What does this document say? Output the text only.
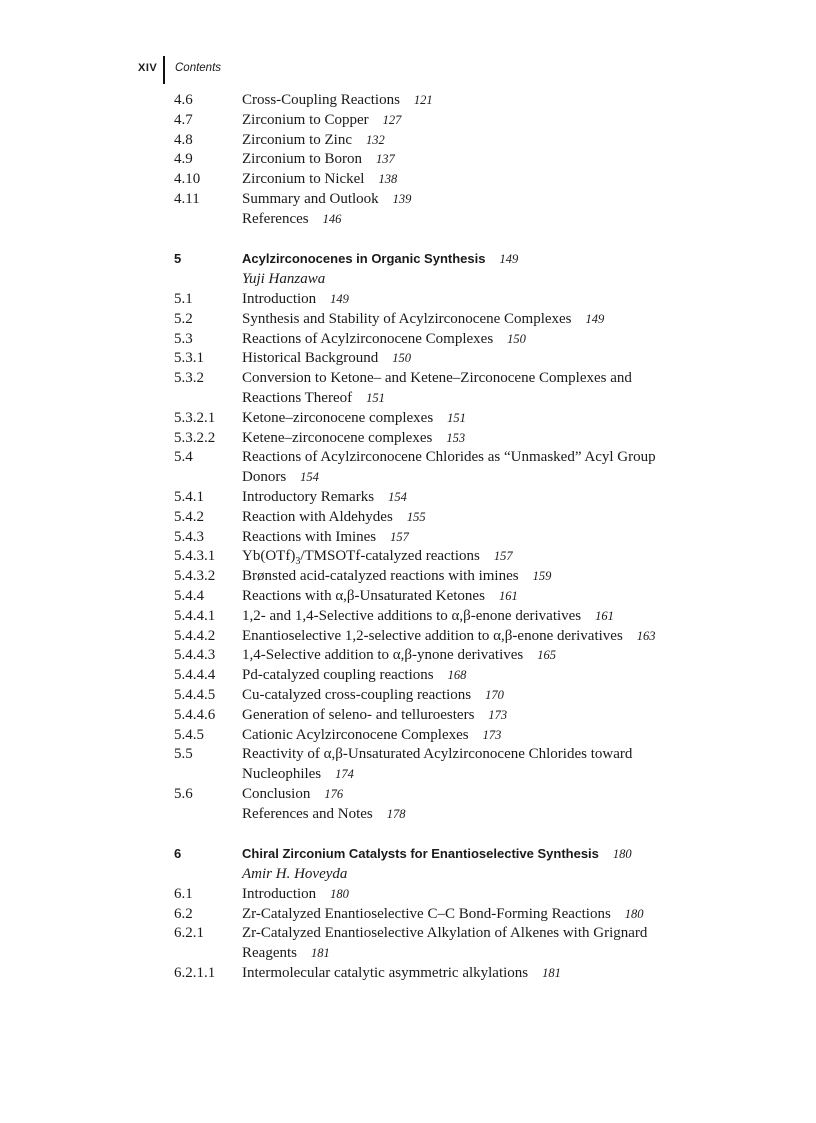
XIV Contents
4.6	Cross-Coupling Reactions 121
4.7	Zirconium to Copper 127
4.8	Zirconium to Zinc 132
4.9	Zirconium to Boron 137
4.10	Zirconium to Nickel 138
4.11	Summary and Outlook 139
References 146
5	Acylzirconocenes in Organic Synthesis 149
Yuji Hanzawa
5.1	Introduction 149
5.2	Synthesis and Stability of Acylzirconocene Complexes 149
5.3	Reactions of Acylzirconocene Complexes 150
5.3.1	Historical Background 150
5.3.2	Conversion to Ketone– and Ketene–Zirconocene Complexes and
Reactions Thereof 151
5.3.2.1	Ketone–zirconocene complexes 151
5.3.2.2	Ketene–zirconocene complexes 153
5.4	Reactions of Acylzirconocene Chlorides as “Unmasked” Acyl Group
Donors 154
5.4.1	Introductory Remarks 154
5.4.2	Reaction with Aldehydes 155
5.4.3	Reactions with Imines 157
5.4.3.1	$Yb(OTf)_3/TMSOTf$-catalyzed reactions 157
5.4.3.2	Brønsted acid-catalyzed reactions with imines 159
5.4.4	Reactions with α,β-Unsaturated Ketones 161
5.4.4.1	1,2- and 1,4-Selective additions to α,β-enone derivatives 161
5.4.4.2	Enantioselective 1,2-selective addition to α,β-enone derivatives 163
5.4.4.3	1,4-Selective addition to α,β-ynone derivatives 165
5.4.4.4	Pd-catalyzed coupling reactions 168
5.4.4.5	Cu-catalyzed cross-coupling reactions 170
5.4.4.6	Generation of seleno- and telluroesters 173
5.4.5	Cationic Acylzirconocene Complexes 173
5.5	Reactivity of α,β-Unsaturated Acylzirconocene Chlorides toward
Nucleophiles 174
5.6	Conclusion 176
References and Notes 178
6	Chiral Zirconium Catalysts for Enantioselective Synthesis 180
Amir H. Hoveyda
6.1	Introduction 180
6.2	Zr-Catalyzed Enantioselective C–C Bond-Forming Reactions 180
6.2.1	Zr-Catalyzed Enantioselective Alkylation of Alkenes with Grignard
Reagents 181
6.2.1.1	Intermolecular catalytic asymmetric alkylations 181
